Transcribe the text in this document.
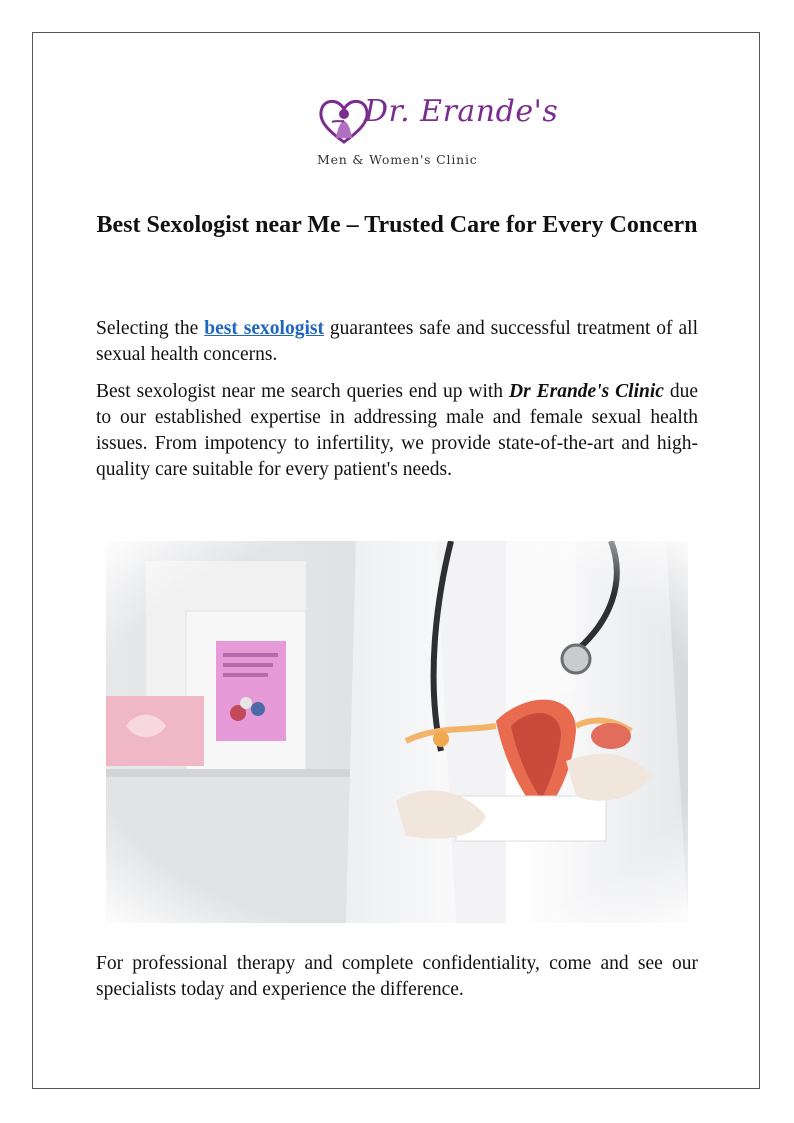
Dr. Erande's
Men & Women's Clinic
Best Sexologist near Me – Trusted Care for Every Concern

Selecting the best sexologist guarantees safe and successful treatment of all sexual health concerns.

Best sexologist near me search queries end up with Dr Erande's Clinic due to our established expertise in addressing male and female sexual health issues. From impotency to infertility, we provide state-of-the-art and high-quality care suitable for every patient's needs.

For professional therapy and complete confidentiality, come and see our specialists today and experience the difference.
